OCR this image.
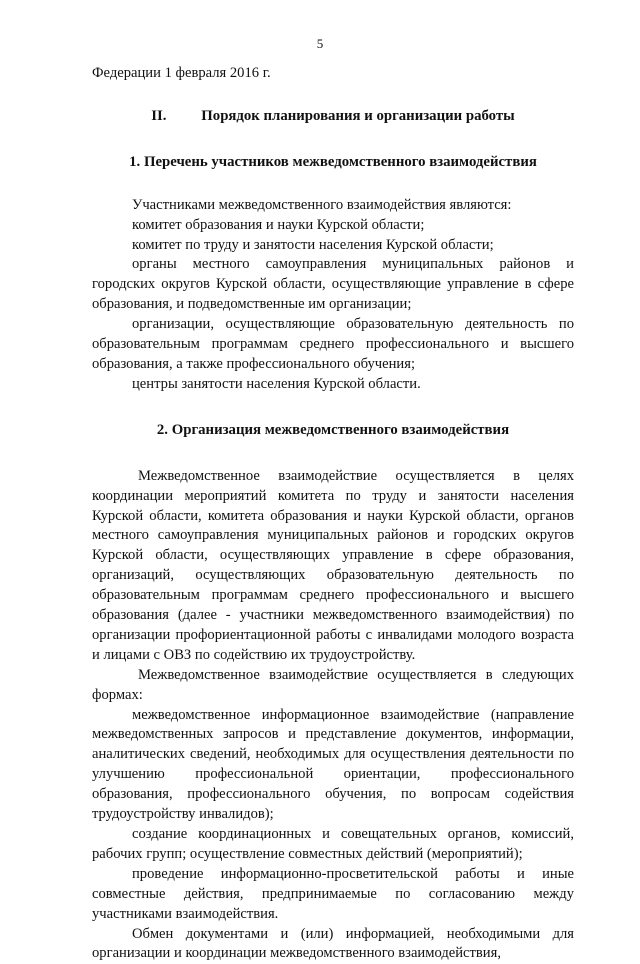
5

Федерации 1 февраля 2016 г.

II. Порядок планирования и организации работы

1. Перечень участников межведомственного взаимодействия

Участниками межведомственного взаимодействия являются:

комитет образования и науки Курской области;

комитет по труду и занятости населения Курской области;

органы местного самоуправления муниципальных районов и городских округов Курской области, осуществляющие управление в сфере образования, и подведомственные им организации;

организации, осуществляющие образовательную деятельность по образовательным программам среднего профессионального и высшего образования, а также профессионального обучения;

центры занятости населения Курской области.

2. Организация межведомственного взаимодействия

Межведомственное взаимодействие осуществляется в целях координации мероприятий комитета по труду и занятости населения Курской области, комитета образования и науки Курской области, органов местного самоуправления муниципальных районов и городских округов Курской области, осуществляющих управление в сфере образования, организаций, осуществляющих образовательную деятельность по образовательным программам среднего профессионального и высшего образования (далее - участники межведомственного взаимодействия) по организации профориентационной работы с инвалидами молодого возраста и лицами с ОВЗ по содействию их трудоустройству.

Межведомственное взаимодействие осуществляется в следующих формах:

межведомственное информационное взаимодействие (направление межведомственных запросов и представление документов, информации, аналитических сведений, необходимых для осуществления деятельности по улучшению профессиональной ориентации, профессионального образования, профессионального обучения, по вопросам содействия трудоустройству инвалидов);

создание координационных и совещательных органов, комиссий, рабочих групп; осуществление совместных действий (мероприятий);

проведение информационно-просветительской работы и иные совместные действия, предпринимаемые по согласованию между участниками взаимодействия.

Обмен документами и (или) информацией, необходимыми для организации и координации межведомственного взаимодействия,
